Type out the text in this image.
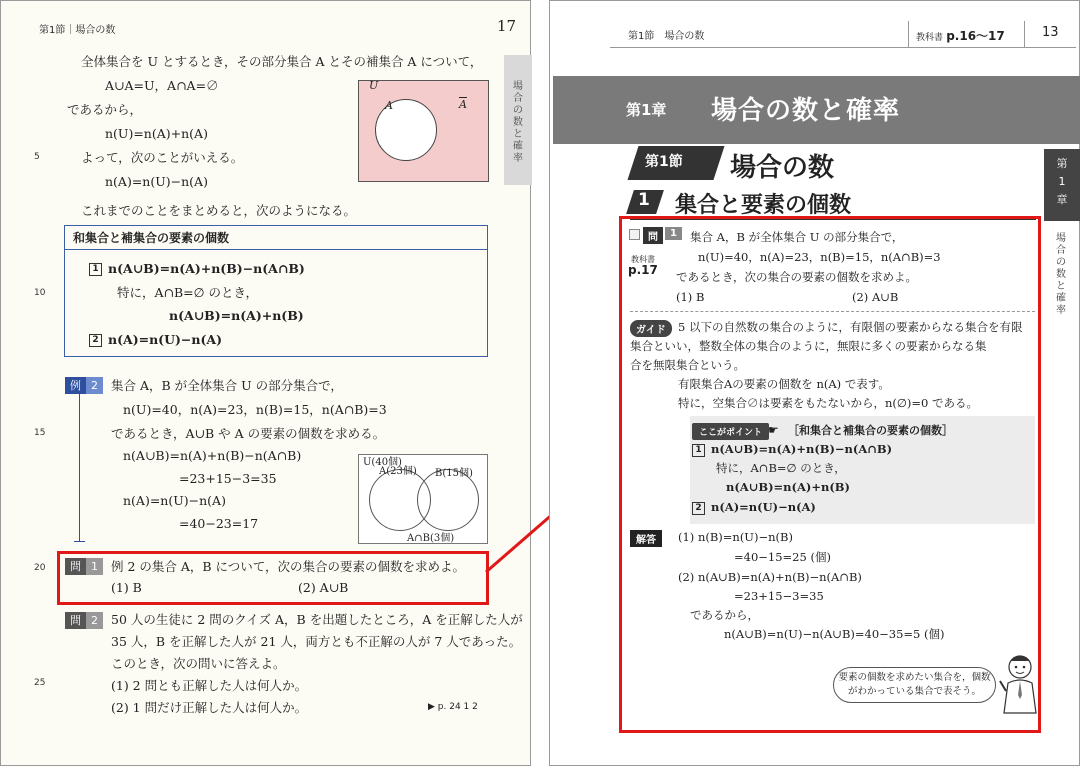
第1節｜場合の数	17
場
合
の
数
と
確
率
5
10
15
20
25
全体集合を U とするとき，その部分集合 A とその補集合 A について，
A∪A=U，A∩A=∅
であるから，
n(U)=n(A)+n(A)
よって，次のことがいえる。
n(A)=n(U)−n(A)
これまでのことをまとめると，次のようになる。
U
A	$\overline{A}$
和集合と補集合の要素の個数
1 n(A∪B)=n(A)+n(B)−n(A∩B)
特に，A∩B=∅ のとき，
n(A∪B)=n(A)+n(B)
2 n(A)=n(U)−n(A)
例 2	集合 A，B が全体集合 U の部分集合で，
n(U)=40，n(A)=23，n(B)=15，n(A∩B)=3
であるとき，A∪B や A の要素の個数を求める。
n(A∪B)=n(A)+n(B)−n(A∩B)
=23+15−3=35
n(A)=n(U)−n(A)
=40−23=17
U(40個)
A(23個) B(15個)
A∩B(3個)
問 1	例 2 の集合 A，B について，次の集合の要素の個数を求めよ。
(1) B	(2) A∪B
問 2	50 人の生徒に 2 問のクイズ A，B を出題したところ，A を正解した人が
35 人，B を正解した人が 21 人，両方とも不正解の人が 7 人であった。
このとき，次の問いに答えよ。
(1) 2 問とも正解した人は何人か。
(2) 1 問だけ正解した人は何人か。	▶ p. 24 1 2
第1節　場合の数	教科書 p.16〜17	13
第1章 場合の数と確率
第1節 場合の数
1 集合と要素の個数
第
1
章
場合の数と確率
問	1
教科書
p.17
集合 A，B が全体集合 U の部分集合で，
n(U)=40，n(A)=23，n(B)=15，n(A∩B)=3
であるとき，次の集合の要素の個数を求めよ。
(1) B	(2) A∪B
ガイド	5 以下の自然数の集合のように，有限個の要素からなる集合を有限
集合といい，整数全体の集合のように，無限に多くの要素からなる集
合を無限集合という。
有限集合Aの要素の個数を n(A) で表す。
特に，空集合∅は要素をもたないから，n(∅)=0 である。
ここがポイント ☛ ［和集合と補集合の要素の個数］
1 n(A∪B)=n(A)+n(B)−n(A∩B)
特に，A∩B=∅ のとき，
n(A∪B)=n(A)+n(B)
2 n(A)=n(U)−n(A)
解答	(1) n(B)=n(U)−n(B)
=40−15=25 (個)
(2) n(A∪B)=n(A)+n(B)−n(A∩B)
=23+15−3=35
であるから，
n(A∪B)=n(U)−n(A∪B)=40−35=5 (個)
要素の個数を求めたい集合を，個数
がわかっている集合で表そう。
